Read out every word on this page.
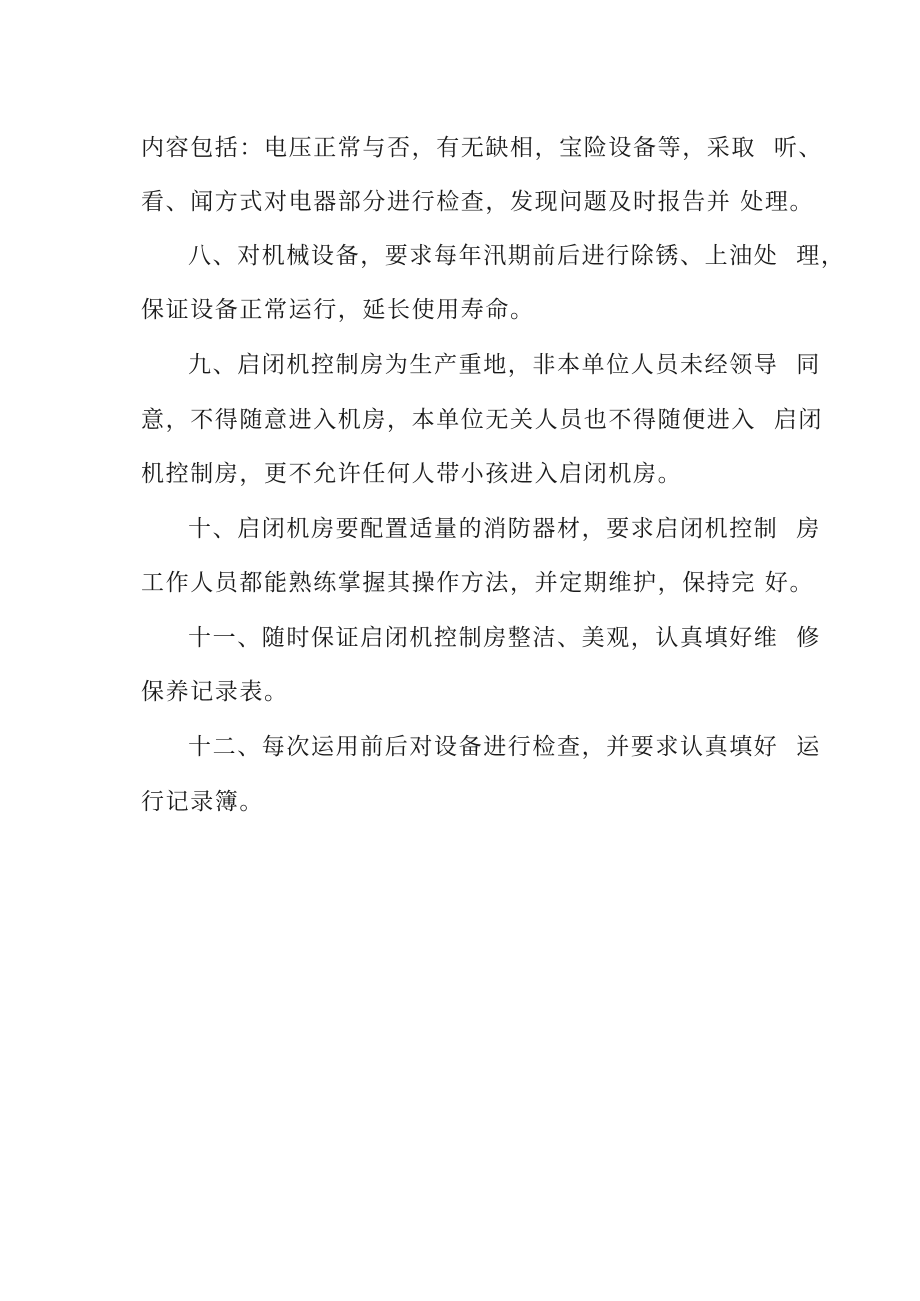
内容包括：电压正常与否，有无缺相，宝险设备等，采取  听、
看、闻方式对电器部分进行检查，发现问题及时报告并 处理。
八、对机械设备，要求每年汛期前后进行除锈、上油处  理，
保证设备正常运行，延长使用寿命。
九、启闭机控制房为生产重地，非本单位人员未经领导  同
意，不得随意进入机房，本单位无关人员也不得随便进入  启闭
机控制房，更不允许任何人带小孩进入启闭机房。
十、启闭机房要配置适量的消防器材，要求启闭机控制  房
工作人员都能熟练掌握其操作方法，并定期维护，保持完 好。
十一、随时保证启闭机控制房整洁、美观，认真填好维  修
保养记录表。
十二、每次运用前后对设备进行检查，并要求认真填好  运
行记录簿。
